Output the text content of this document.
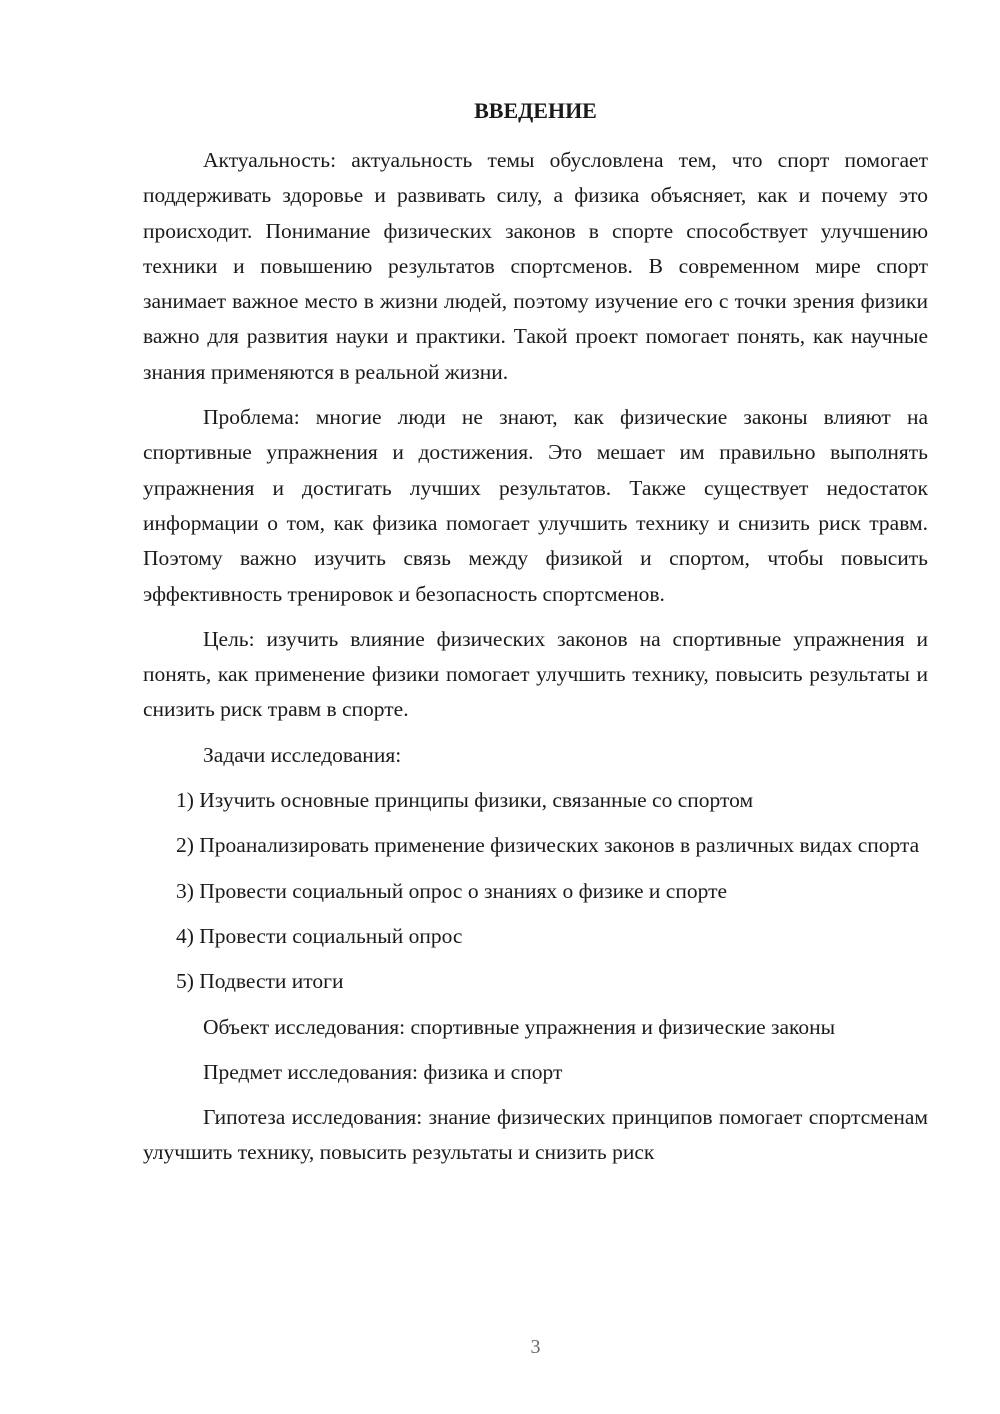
ВВЕДЕНИЕ

Актуальность: актуальность темы обусловлена тем, что спорт помогает поддерживать здоровье и развивать силу, а физика объясняет, как и почему это происходит. Понимание физических законов в спорте способствует улучшению техники и повышению результатов спортсменов. В современном мире спорт занимает важное место в жизни людей, поэтому изучение его с точки зрения физики важно для развития науки и практики. Такой проект помогает понять, как научные знания применяются в реальной жизни.

Проблема: многие люди не знают, как физические законы влияют на спортивные упражнения и достижения. Это мешает им правильно выполнять упражнения и достигать лучших результатов. Также существует недостаток информации о том, как физика помогает улучшить технику и снизить риск травм. Поэтому важно изучить связь между физикой и спортом, чтобы повысить эффективность тренировок и безопасность спортсменов.

Цель: изучить влияние физических законов на спортивные упражнения и понять, как применение физики помогает улучшить технику, повысить результаты и снизить риск травм в спорте.

Задачи исследования:

1) Изучить основные принципы физики, связанные со спортом

2) Проанализировать применение физических законов в различных видах спорта

3) Провести социальный опрос о знаниях о физике и спорте

4) Провести социальный опрос

5) Подвести итоги

Объект исследования: спортивные упражнения и физические законы

Предмет исследования: физика и спорт

Гипотеза исследования: знание физических принципов помогает спортсменам улучшить технику, повысить результаты и снизить риск

3
